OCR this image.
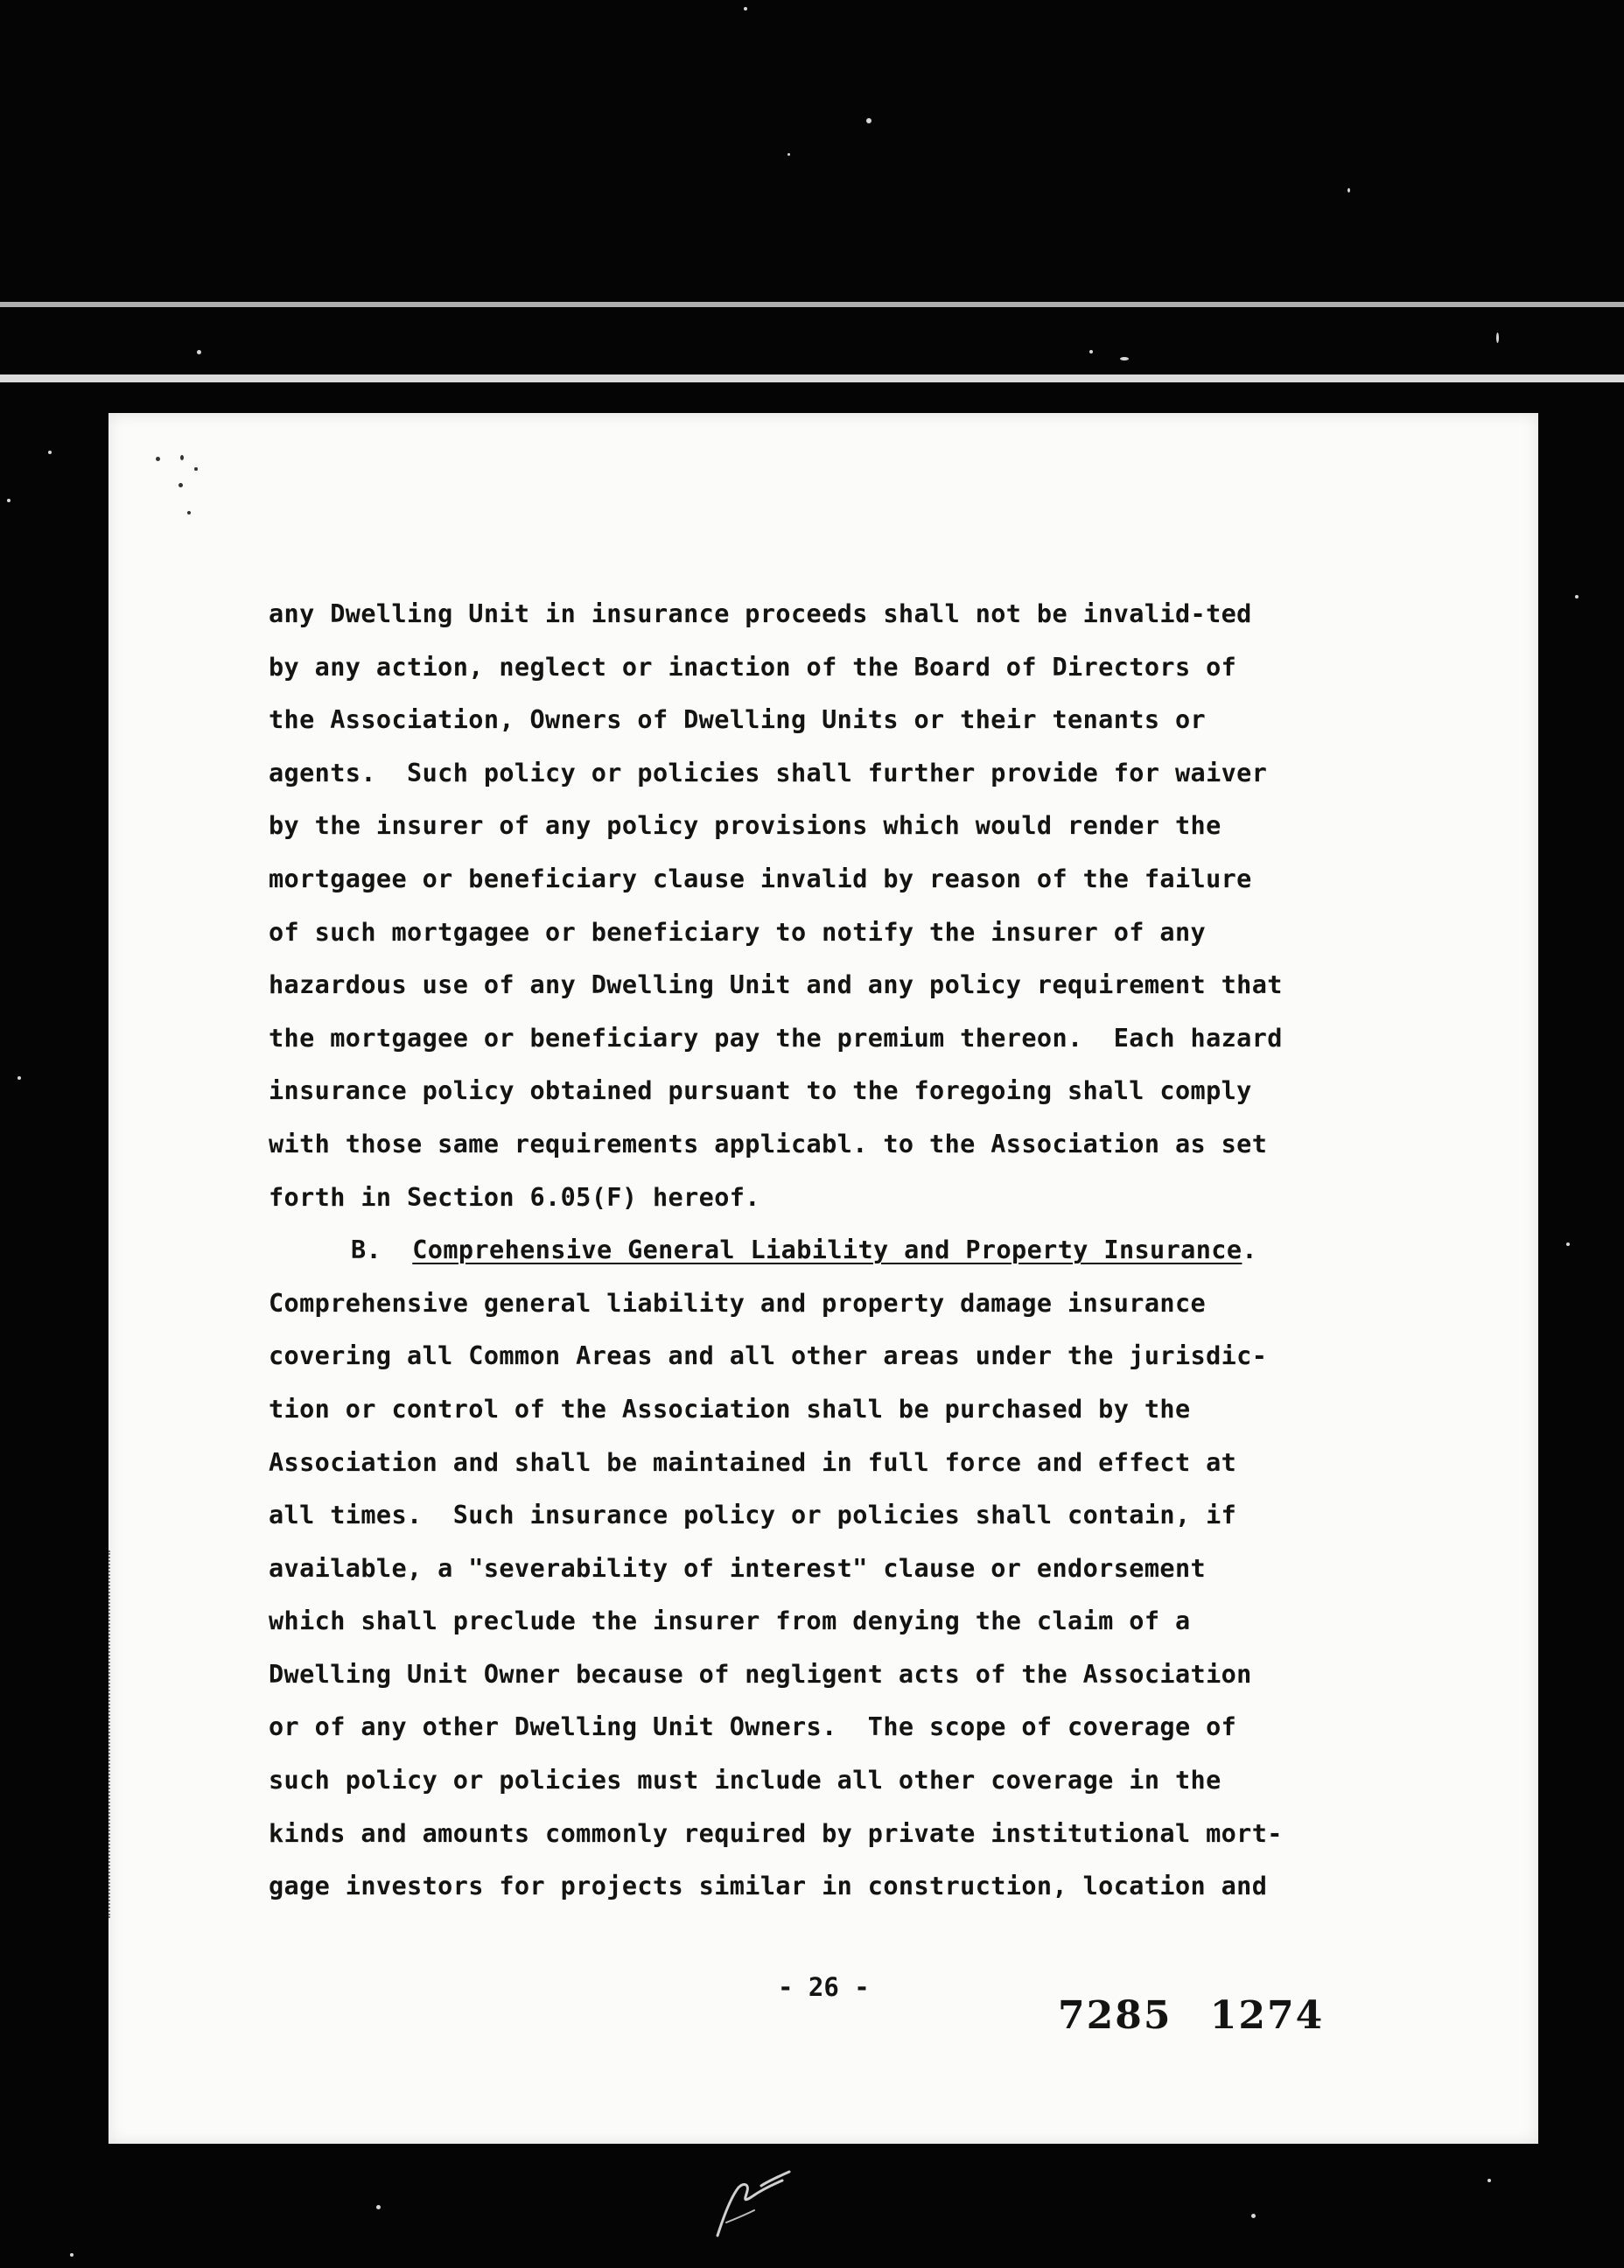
any Dwelling Unit in insurance proceeds shall not be invalid-ted
by any action, neglect or inaction of the Board of Directors of
the Association, Owners of Dwelling Units or their tenants or
agents.  Such policy or policies shall further provide for waiver
by the insurer of any policy provisions which would render the
mortgagee or beneficiary clause invalid by reason of the failure
of such mortgagee or beneficiary to notify the insurer of any
hazardous use of any Dwelling Unit and any policy requirement that
the mortgagee or beneficiary pay the premium thereon.  Each hazard
insurance policy obtained pursuant to the foregoing shall comply
with those same requirements applicabl. to the Association as set
forth in Section 6.05(F) hereof.
B. Comprehensive General Liability and Property Insurance.
Comprehensive general liability and property damage insurance
covering all Common Areas and all other areas under the jurisdic-
tion or control of the Association shall be purchased by the
Association and shall be maintained in full force and effect at
all times.  Such insurance policy or policies shall contain, if
available, a "severability of interest" clause or endorsement
which shall preclude the insurer from denying the claim of a
Dwelling Unit Owner because of negligent acts of the Association
or of any other Dwelling Unit Owners.  The scope of coverage of
such policy or policies must include all other coverage in the
kinds and amounts commonly required by private institutional mort-
gage investors for projects similar in construction, location and
- 26 -
7285 1274
